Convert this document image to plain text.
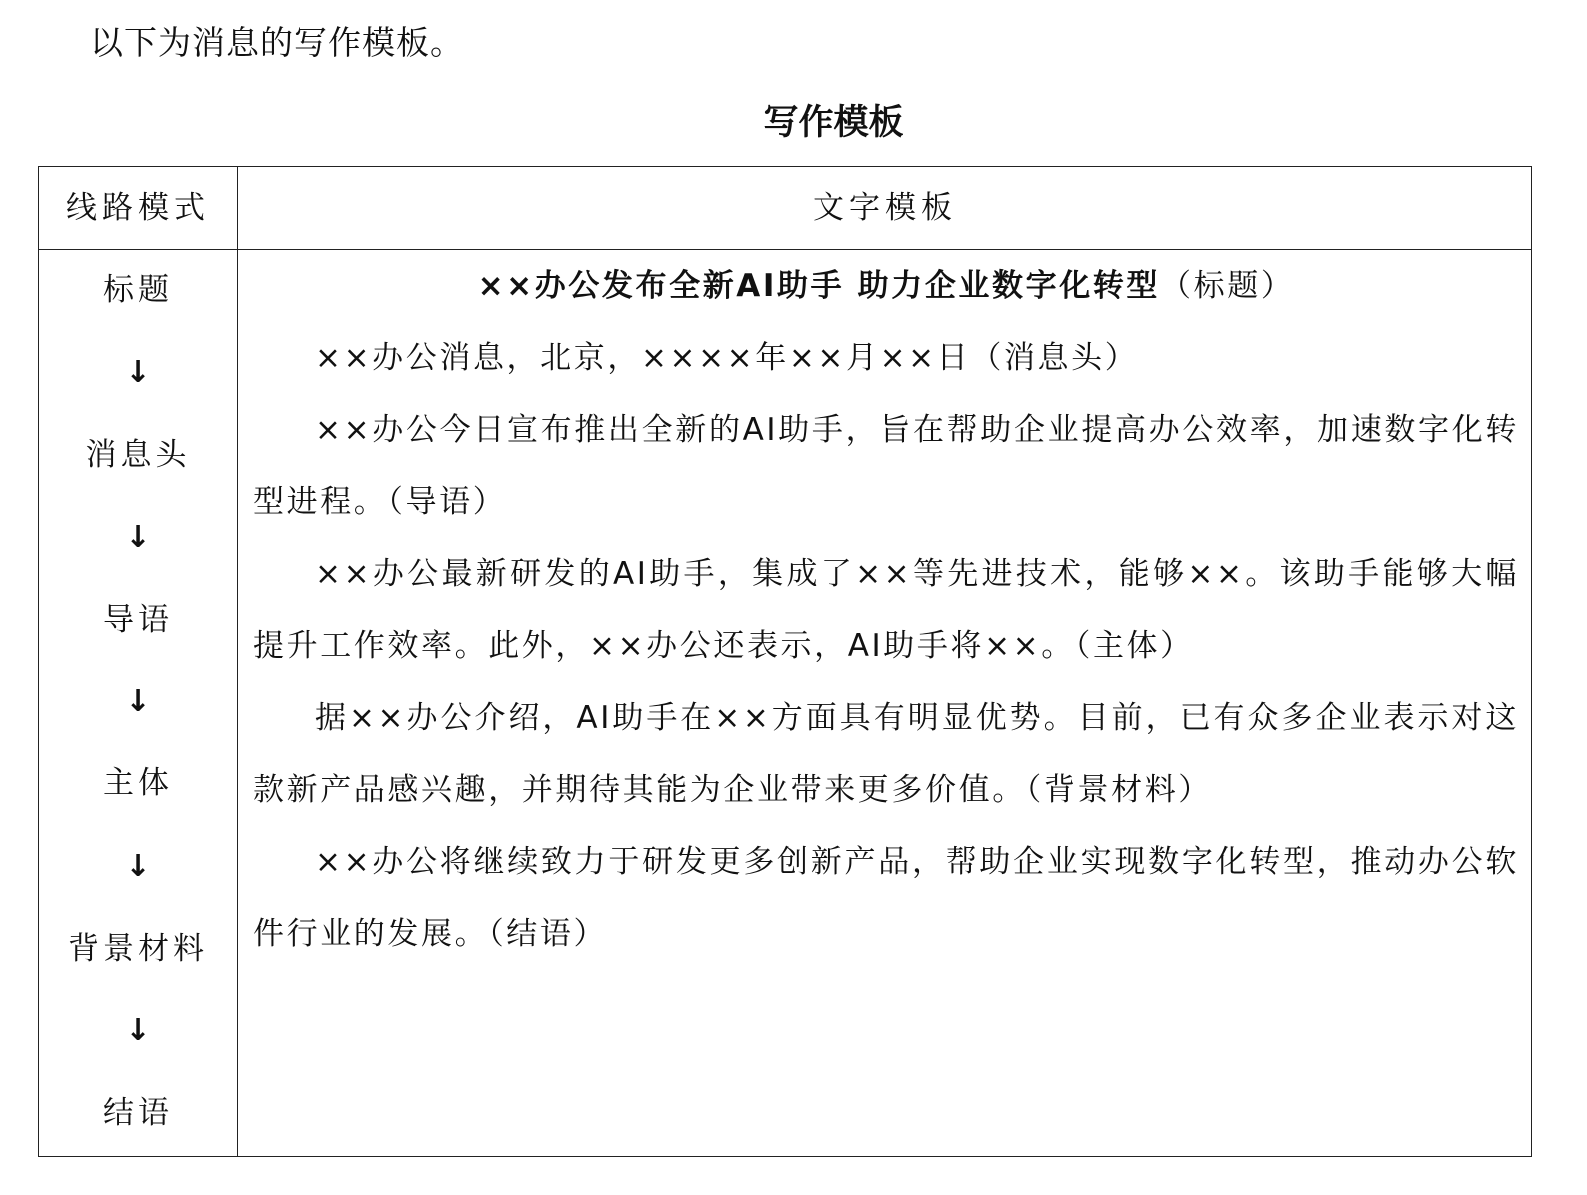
以下为消息的写作模板。

写作模板
线路模式	文字模板
标题
↓
消息头
↓
导语
↓
主体
↓
背景材料
↓
结语

××办公发布全新AI助手 助力企业数字化转型（标题）

××办公消息，北京，××××年××月××日（消息头）

××办公今日宣布推出全新的AI助手，旨在帮助企业提高办公效率，加速数字化转型进程。（导语）

××办公最新研发的AI助手，集成了××等先进技术，能够××。该助手能够大幅提升工作效率。此外，××办公还表示，AI助手将××。（主体）

据××办公介绍，AI助手在××方面具有明显优势。目前，已有众多企业表示对这款新产品感兴趣，并期待其能为企业带来更多价值。（背景材料）

××办公将继续致力于研发更多创新产品，帮助企业实现数字化转型，推动办公软件行业的发展。（结语）
